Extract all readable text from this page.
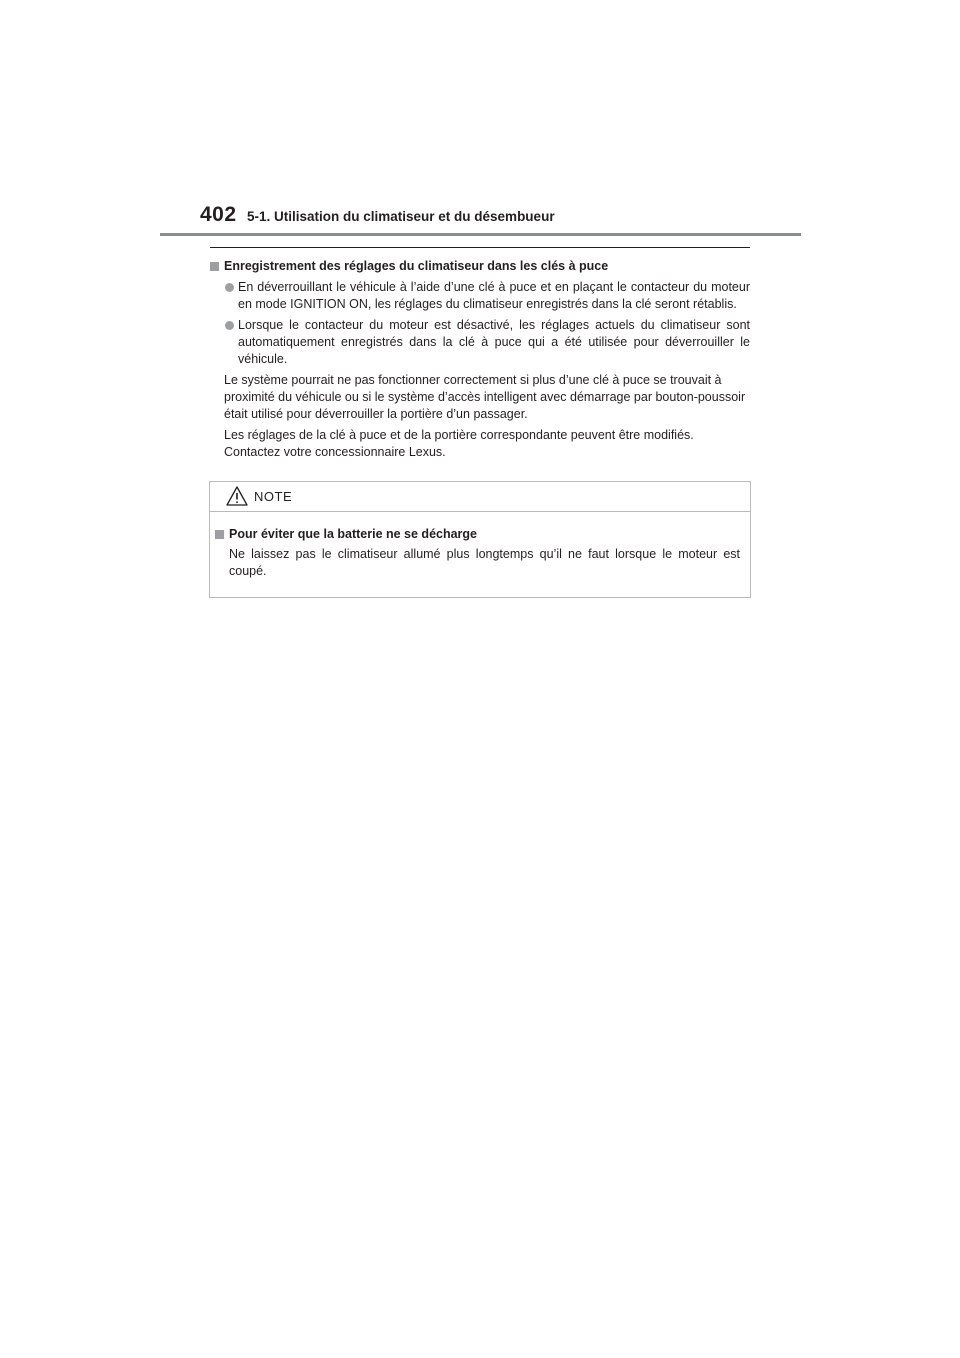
402 5-1. Utilisation du climatiseur et du désembueur
Enregistrement des réglages du climatiseur dans les clés à puce
En déverrouillant le véhicule à l’aide d’une clé à puce et en plaçant le contacteur du moteur en mode IGNITION ON, les réglages du climatiseur enregistrés dans la clé seront rétablis.
Lorsque le contacteur du moteur est désactivé, les réglages actuels du climatiseur sont automatiquement enregistrés dans la clé à puce qui a été utilisée pour déverrouiller le véhicule.
Le système pourrait ne pas fonctionner correctement si plus d’une clé à puce se trouvait à proximité du véhicule ou si le système d’accès intelligent avec démarrage par bouton-poussoir était utilisé pour déverrouiller la portière d’un passager.
Les réglages de la clé à puce et de la portière correspondante peuvent être modifiés. Contactez votre concessionnaire Lexus.
NOTE
Pour éviter que la batterie ne se décharge
Ne laissez pas le climatiseur allumé plus longtemps qu’il ne faut lorsque le moteur est coupé.
